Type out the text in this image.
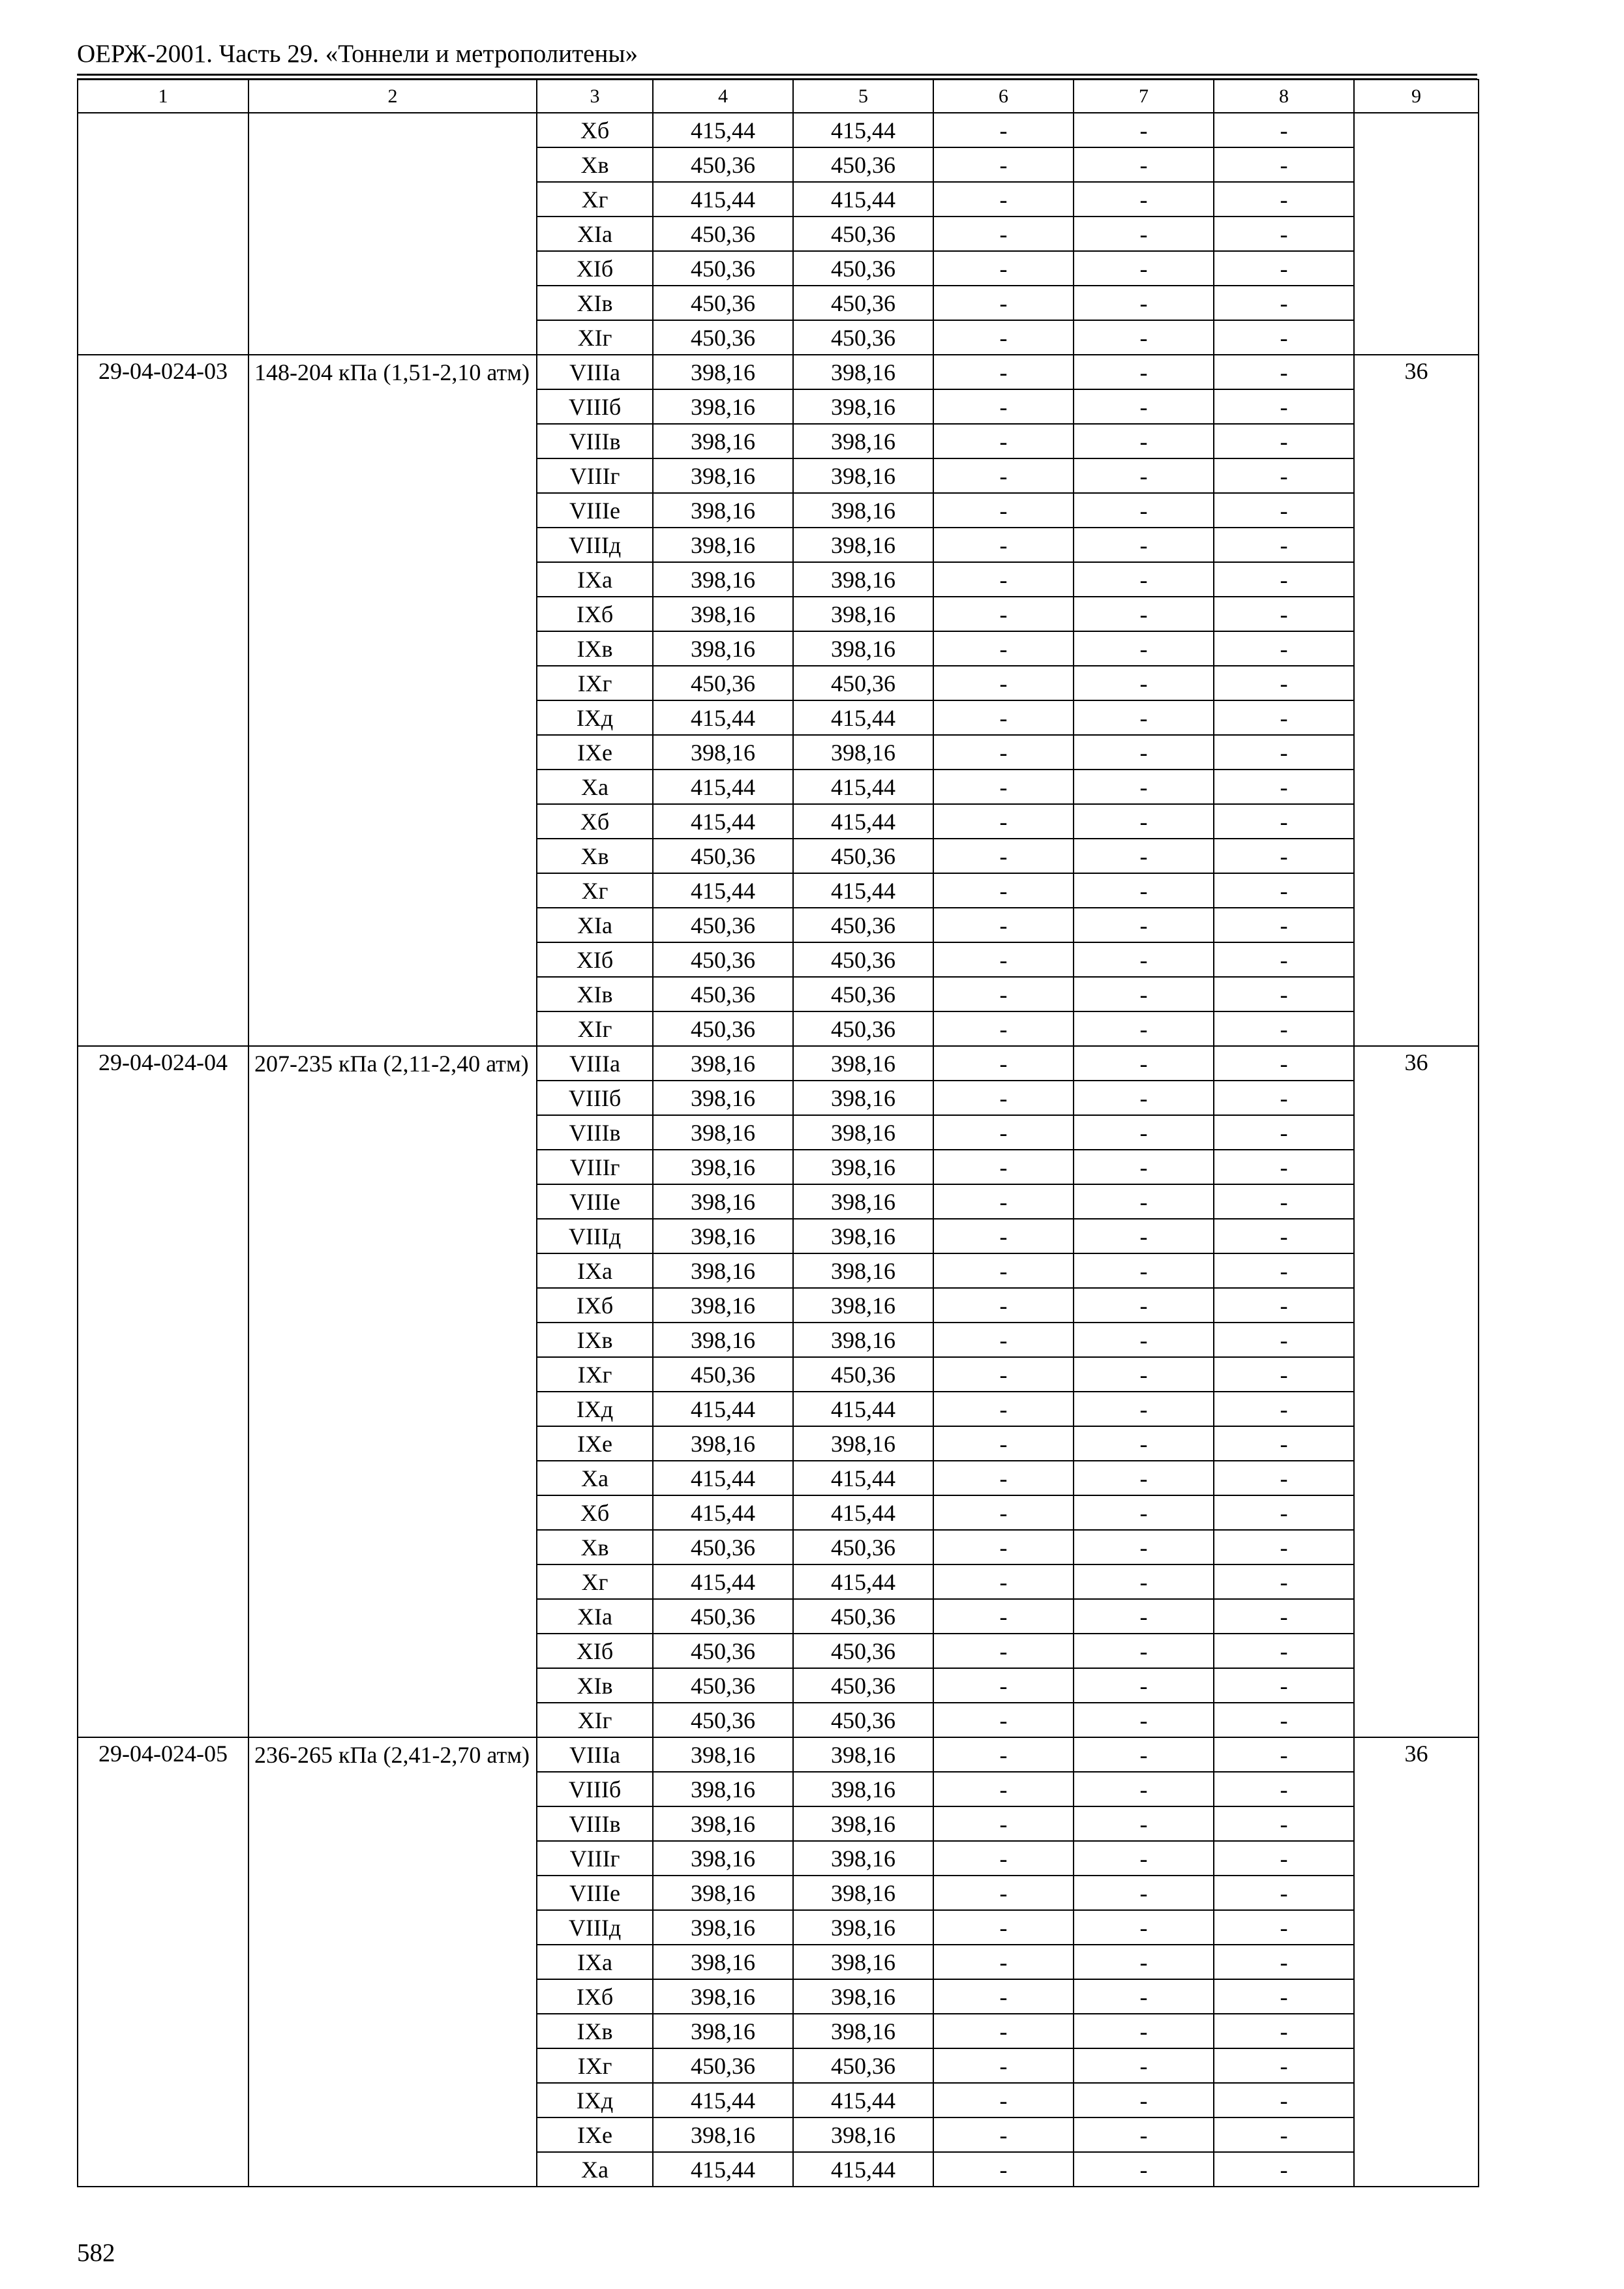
ОЕРЖ-2001. Часть 29. «Тоннели и метрополитены»
1	2	3	4	5	6	7	8	9
		Xб	415,44	415,44	-	-	-	
		Xв	450,36	450,36	-	-	-	
		Xг	415,44	415,44	-	-	-	
		XIа	450,36	450,36	-	-	-	
		XIб	450,36	450,36	-	-	-	
		XIв	450,36	450,36	-	-	-	
		XIг	450,36	450,36	-	-	-	
29-04-024-03	148-204 кПа (1,51-2,10 атм)	VIIIа	398,16	398,16	-	-	-	36
		VIIIб	398,16	398,16	-	-	-	
		VIIIв	398,16	398,16	-	-	-	
		VIIIг	398,16	398,16	-	-	-	
		VIIIе	398,16	398,16	-	-	-	
		VIIIд	398,16	398,16	-	-	-	
		IXа	398,16	398,16	-	-	-	
		IXб	398,16	398,16	-	-	-	
		IXв	398,16	398,16	-	-	-	
		IXг	450,36	450,36	-	-	-	
		IXд	415,44	415,44	-	-	-	
		IXе	398,16	398,16	-	-	-	
		Xа	415,44	415,44	-	-	-	
		Xб	415,44	415,44	-	-	-	
		Xв	450,36	450,36	-	-	-	
		Xг	415,44	415,44	-	-	-	
		XIа	450,36	450,36	-	-	-	
		XIб	450,36	450,36	-	-	-	
		XIв	450,36	450,36	-	-	-	
		XIг	450,36	450,36	-	-	-	
29-04-024-04	207-235 кПа (2,11-2,40 атм)	VIIIа	398,16	398,16	-	-	-	36
		VIIIб	398,16	398,16	-	-	-	
		VIIIв	398,16	398,16	-	-	-	
		VIIIг	398,16	398,16	-	-	-	
		VIIIе	398,16	398,16	-	-	-	
		VIIIд	398,16	398,16	-	-	-	
		IXа	398,16	398,16	-	-	-	
		IXб	398,16	398,16	-	-	-	
		IXв	398,16	398,16	-	-	-	
		IXг	450,36	450,36	-	-	-	
		IXд	415,44	415,44	-	-	-	
		IXе	398,16	398,16	-	-	-	
		Xа	415,44	415,44	-	-	-	
		Xб	415,44	415,44	-	-	-	
		Xв	450,36	450,36	-	-	-	
		Xг	415,44	415,44	-	-	-	
		XIа	450,36	450,36	-	-	-	
		XIб	450,36	450,36	-	-	-	
		XIв	450,36	450,36	-	-	-	
		XIг	450,36	450,36	-	-	-	
29-04-024-05	236-265 кПа (2,41-2,70 атм)	VIIIа	398,16	398,16	-	-	-	36
		VIIIб	398,16	398,16	-	-	-	
		VIIIв	398,16	398,16	-	-	-	
		VIIIг	398,16	398,16	-	-	-	
		VIIIе	398,16	398,16	-	-	-	
		VIIIд	398,16	398,16	-	-	-	
		IXа	398,16	398,16	-	-	-	
		IXб	398,16	398,16	-	-	-	
		IXв	398,16	398,16	-	-	-	
		IXг	450,36	450,36	-	-	-	
		IXд	415,44	415,44	-	-	-	
		IXе	398,16	398,16	-	-	-	
		Xа	415,44	415,44	-	-	-	
582
